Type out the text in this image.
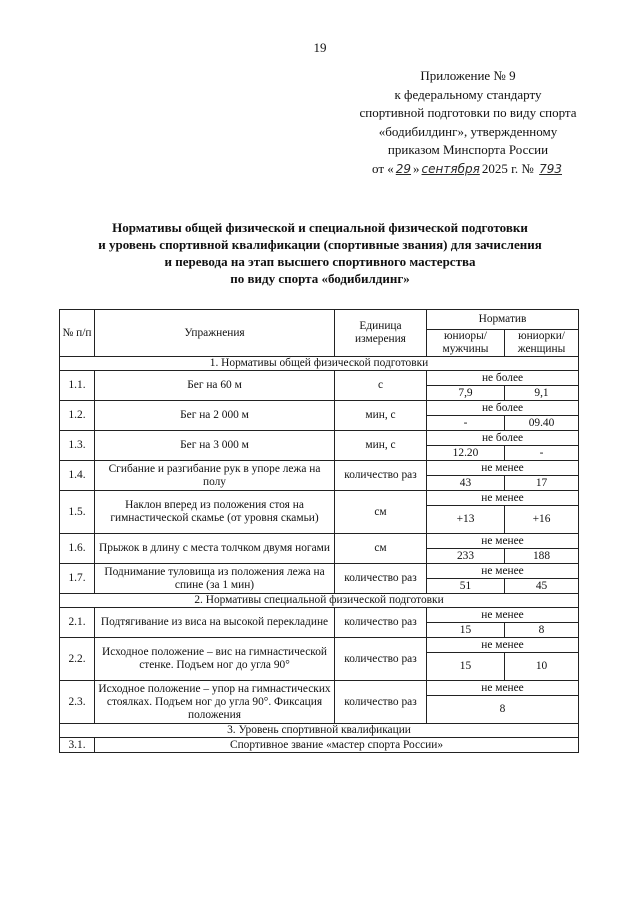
19
Приложение № 9
к федеральному стандарту
спортивной подготовки по виду спорта
«бодибилдинг», утвержденному
приказом Минспорта России
от « 29 » сентября 2025 г. № 793
Нормативы общей физической и специальной физической подготовки
и уровень спортивной квалификации (спортивные звания) для зачисления
и перевода на этап высшего спортивного мастерства
по виду спорта «бодибилдинг»
№ п/п	Упражнения	Единица измерения	Норматив	
			юниоры/ мужчины	юниорки/ женщины
1. Нормативы общей физической подготовки				
1.1.	Бег на 60 м	с	не более	
			7,9	9,1
1.2.	Бег на 2 000 м	мин, с	не более	
			-	09.40
1.3.	Бег на 3 000 м	мин, с	не более	
			12.20	-
1.4.	Сгибание и разгибание рук в упоре лежа на полу	количество раз	не менее	
			43	17
1.5.	Наклон вперед из положения стоя на гимнастической скамье (от уровня скамьи)	см	не менее	
			+13	+16
1.6.	Прыжок в длину с места толчком двумя ногами	см	не менее	
			233	188
1.7.	Поднимание туловища из положения лежа на спине (за 1 мин)	количество раз	не менее	
			51	45
2. Нормативы специальной физической подготовки				
2.1.	Подтягивание из виса на высокой перекладине	количество раз	не менее	
			15	8
2.2.	Исходное положение – вис на гимнастической стенке. Подъем ног до угла 90°	количество раз	не менее	
			15	10
2.3.	Исходное положение – упор на гимнастических стоялках. Подъем ног до угла 90°. Фиксация положения	количество раз	не менее	
			8	
3. Уровень спортивной квалификации				
3.1.	Спортивное звание «мастер спорта России»			
